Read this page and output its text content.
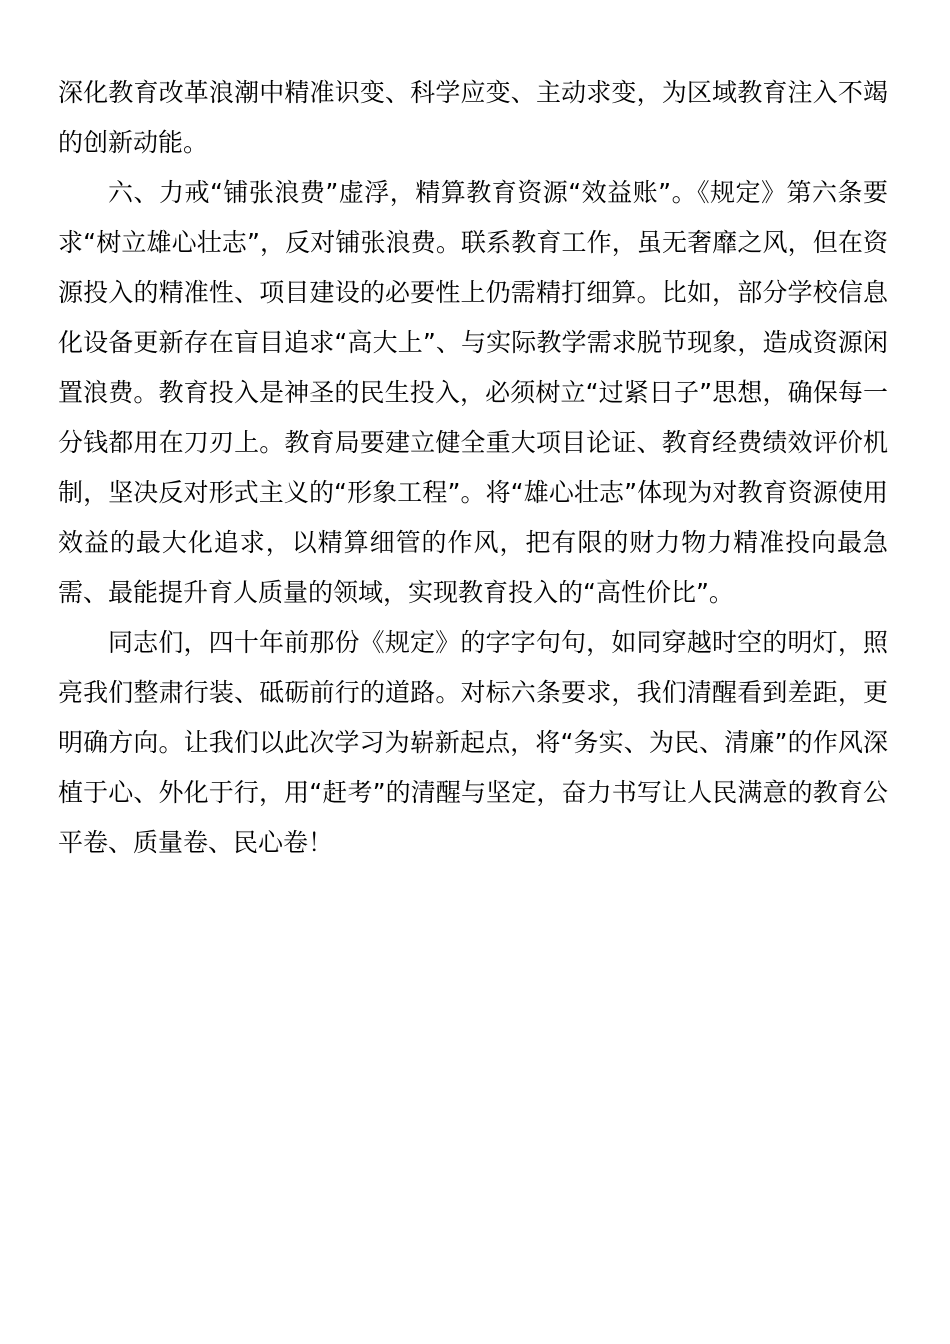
深化教育改革浪潮中精准识变、科学应变、主动求变，为区域教育注入不竭的创新动能。

六、力戒“铺张浪费”虚浮，精算教育资源“效益账”。《规定》第六条要求“树立雄心壮志”，反对铺张浪费。联系教育工作，虽无奢靡之风，但在资源投入的精准性、项目建设的必要性上仍需精打细算。比如，部分学校信息化设备更新存在盲目追求“高大上”、与实际教学需求脱节现象，造成资源闲置浪费。教育投入是神圣的民生投入，必须树立“过紧日子”思想，确保每一分钱都用在刀刃上。教育局要建立健全重大项目论证、教育经费绩效评价机制，坚决反对形式主义的“形象工程”。将“雄心壮志”体现为对教育资源使用效益的最大化追求，以精算细管的作风，把有限的财力物力精准投向最急需、最能提升育人质量的领域，实现教育投入的“高性价比”。

同志们，四十年前那份《规定》的字字句句，如同穿越时空的明灯，照亮我们整肃行装、砥砺前行的道路。对标六条要求，我们清醒看到差距，更明确方向。让我们以此次学习为崭新起点，将“务实、为民、清廉”的作风深植于心、外化于行，用“赶考”的清醒与坚定，奋力书写让人民满意的教育公平卷、质量卷、民心卷！
